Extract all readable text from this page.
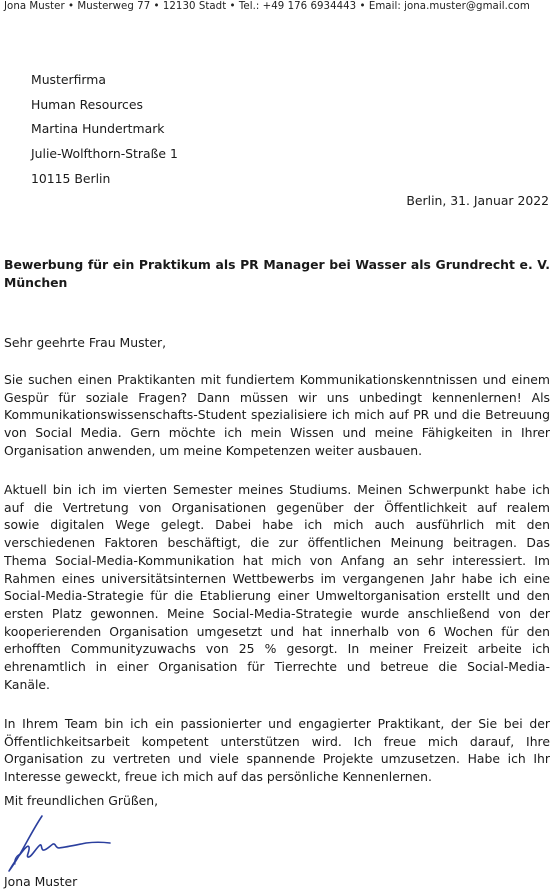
Jona Muster • Musterweg 77 • 12130 Stadt • Tel.: +49 176 6934443 • Email: jona.muster@gmail.com
Musterfirma
Human Resources
Martina Hundertmark
Julie-Wolfthorn-Straße 1
10115 Berlin
Berlin, 31. Januar 2022
Bewerbung für ein Praktikum als PR Manager bei Wasser als Grundrecht e. V.
München
Sehr geehrte Frau Muster,
Sie suchen einen Praktikanten mit fundiertem Kommunikationskenntnissen und einem
Gespür für soziale Fragen? Dann müssen wir uns unbedingt kennenlernen! Als
Kommunikationswissenschafts-Student spezialisiere ich mich auf PR und die Betreuung
von Social Media. Gern möchte ich mein Wissen und meine Fähigkeiten in Ihrer
Organisation anwenden, um meine Kompetenzen weiter ausbauen.
Aktuell bin ich im vierten Semester meines Studiums. Meinen Schwerpunkt habe ich
auf die Vertretung von Organisationen gegenüber der Öffentlichkeit auf realem
sowie digitalen Wege gelegt. Dabei habe ich mich auch ausführlich mit den
verschiedenen Faktoren beschäftigt, die zur öffentlichen Meinung beitragen. Das
Thema Social-Media-Kommunikation hat mich von Anfang an sehr interessiert. Im
Rahmen eines universitätsinternen Wettbewerbs im vergangenen Jahr habe ich eine
Social-Media-Strategie für die Etablierung einer Umweltorganisation erstellt und den
ersten Platz gewonnen. Meine Social-Media-Strategie wurde anschließend von der
kooperierenden Organisation umgesetzt und hat innerhalb von 6 Wochen für den
erhofften Communityzuwachs von 25 % gesorgt. In meiner Freizeit arbeite ich
ehrenamtlich in einer Organisation für Tierrechte und betreue die Social-Media-
Kanäle.
In Ihrem Team bin ich ein passionierter und engagierter Praktikant, der Sie bei der
Öffentlichkeitsarbeit kompetent unterstützen wird. Ich freue mich darauf, Ihre
Organisation zu vertreten und viele spannende Projekte umzusetzen. Habe ich Ihr
Interesse geweckt, freue ich mich auf das persönliche Kennenlernen.
Mit freundlichen Grüßen,
Jona Muster
